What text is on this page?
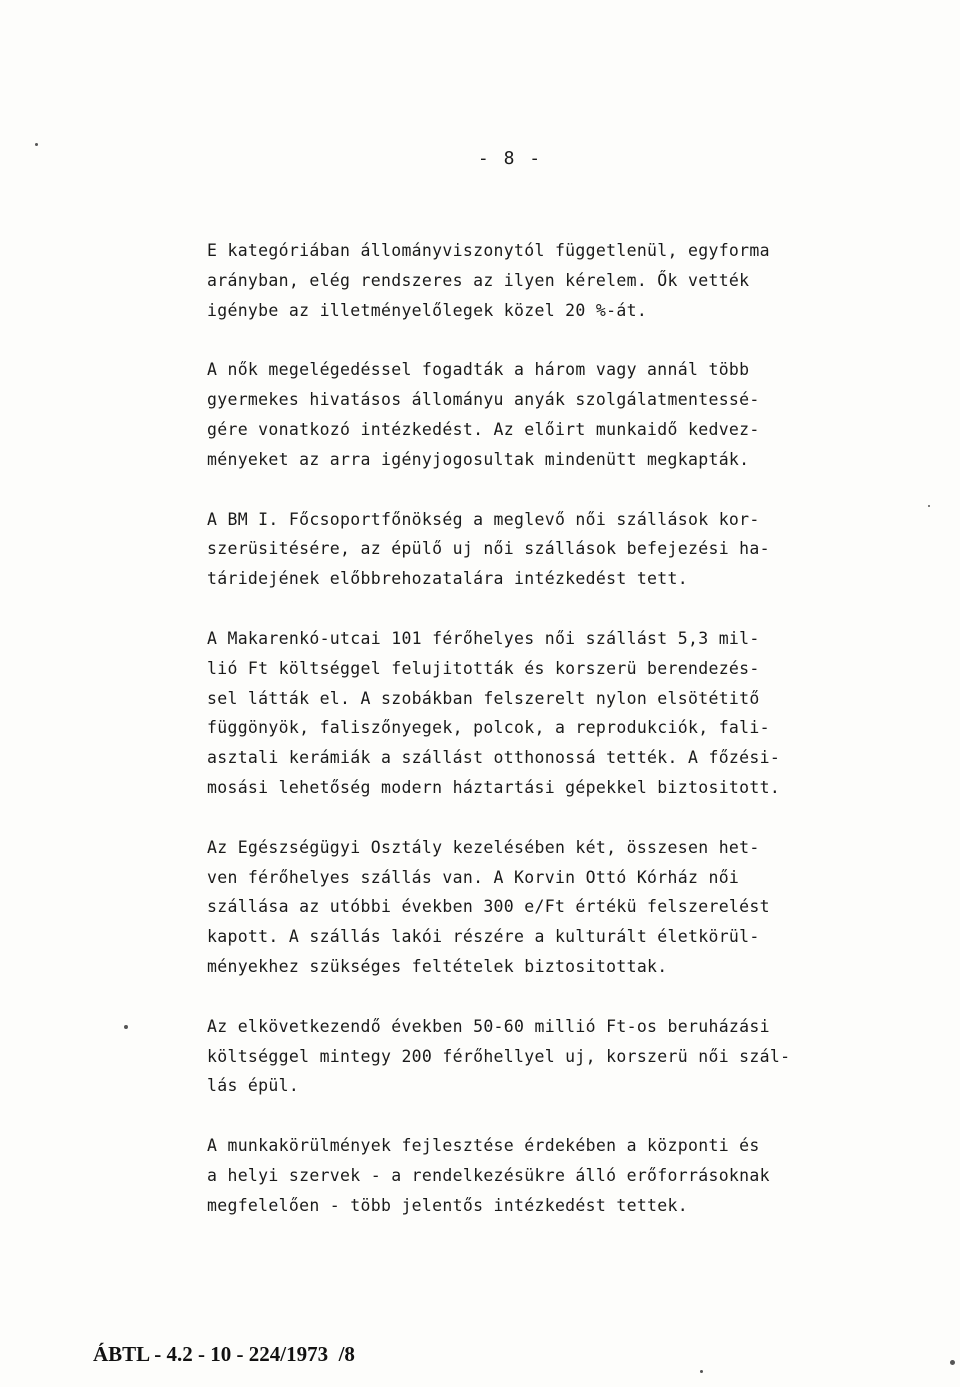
- 8 -

E kategóriában állományviszonytól függetlenül, egyforma
arányban, elég rendszeres az ilyen kérelem. Ők vették
igénybe az illetményelőlegek közel 20 %-át.

A nők megelégedéssel fogadták a három vagy annál több
gyermekes hivatásos állományu anyák szolgálatmentessé-
gére vonatkozó intézkedést. Az előirt munkaidő kedvez-
ményeket az arra igényjogosultak mindenütt megkapták.

A BM I. Főcsoportfőnökség a meglevő női szállások kor-
szerüsitésére, az épülő uj női szállások befejezési ha-
táridejének előbbrehozatalára intézkedést tett.

A Makarenkó-utcai 101 férőhelyes női szállást 5,3 mil-
lió Ft költséggel felujitották és korszerü berendezés-
sel látták el. A szobákban felszerelt nylon elsötétitő
függönyök, faliszőnyegek, polcok, a reprodukciók, fali-
asztali kerámiák a szállást otthonossá tették. A főzési-
mosási lehetőség modern háztartási gépekkel biztositott.

Az Egészségügyi Osztály kezelésében két, összesen het-
ven férőhelyes szállás van. A Korvin Ottó Kórház női
szállása az utóbbi években 300 e/Ft értékü felszerelést
kapott. A szállás lakói részére a kulturált életkörül-
ményekhez szükséges feltételek biztositottak.

Az elkövetkezendő években 50-60 millió Ft-os beruházási
költséggel mintegy 200 férőhellyel uj, korszerü női szál-
lás épül.

A munkakörülmények fejlesztése érdekében a központi és
a helyi szervek - a rendelkezésükre álló erőforrásoknak
megfelelően - több jelentős intézkedést tettek.

ÁBTL - 4.2 - 10 - 224/1973  /8
